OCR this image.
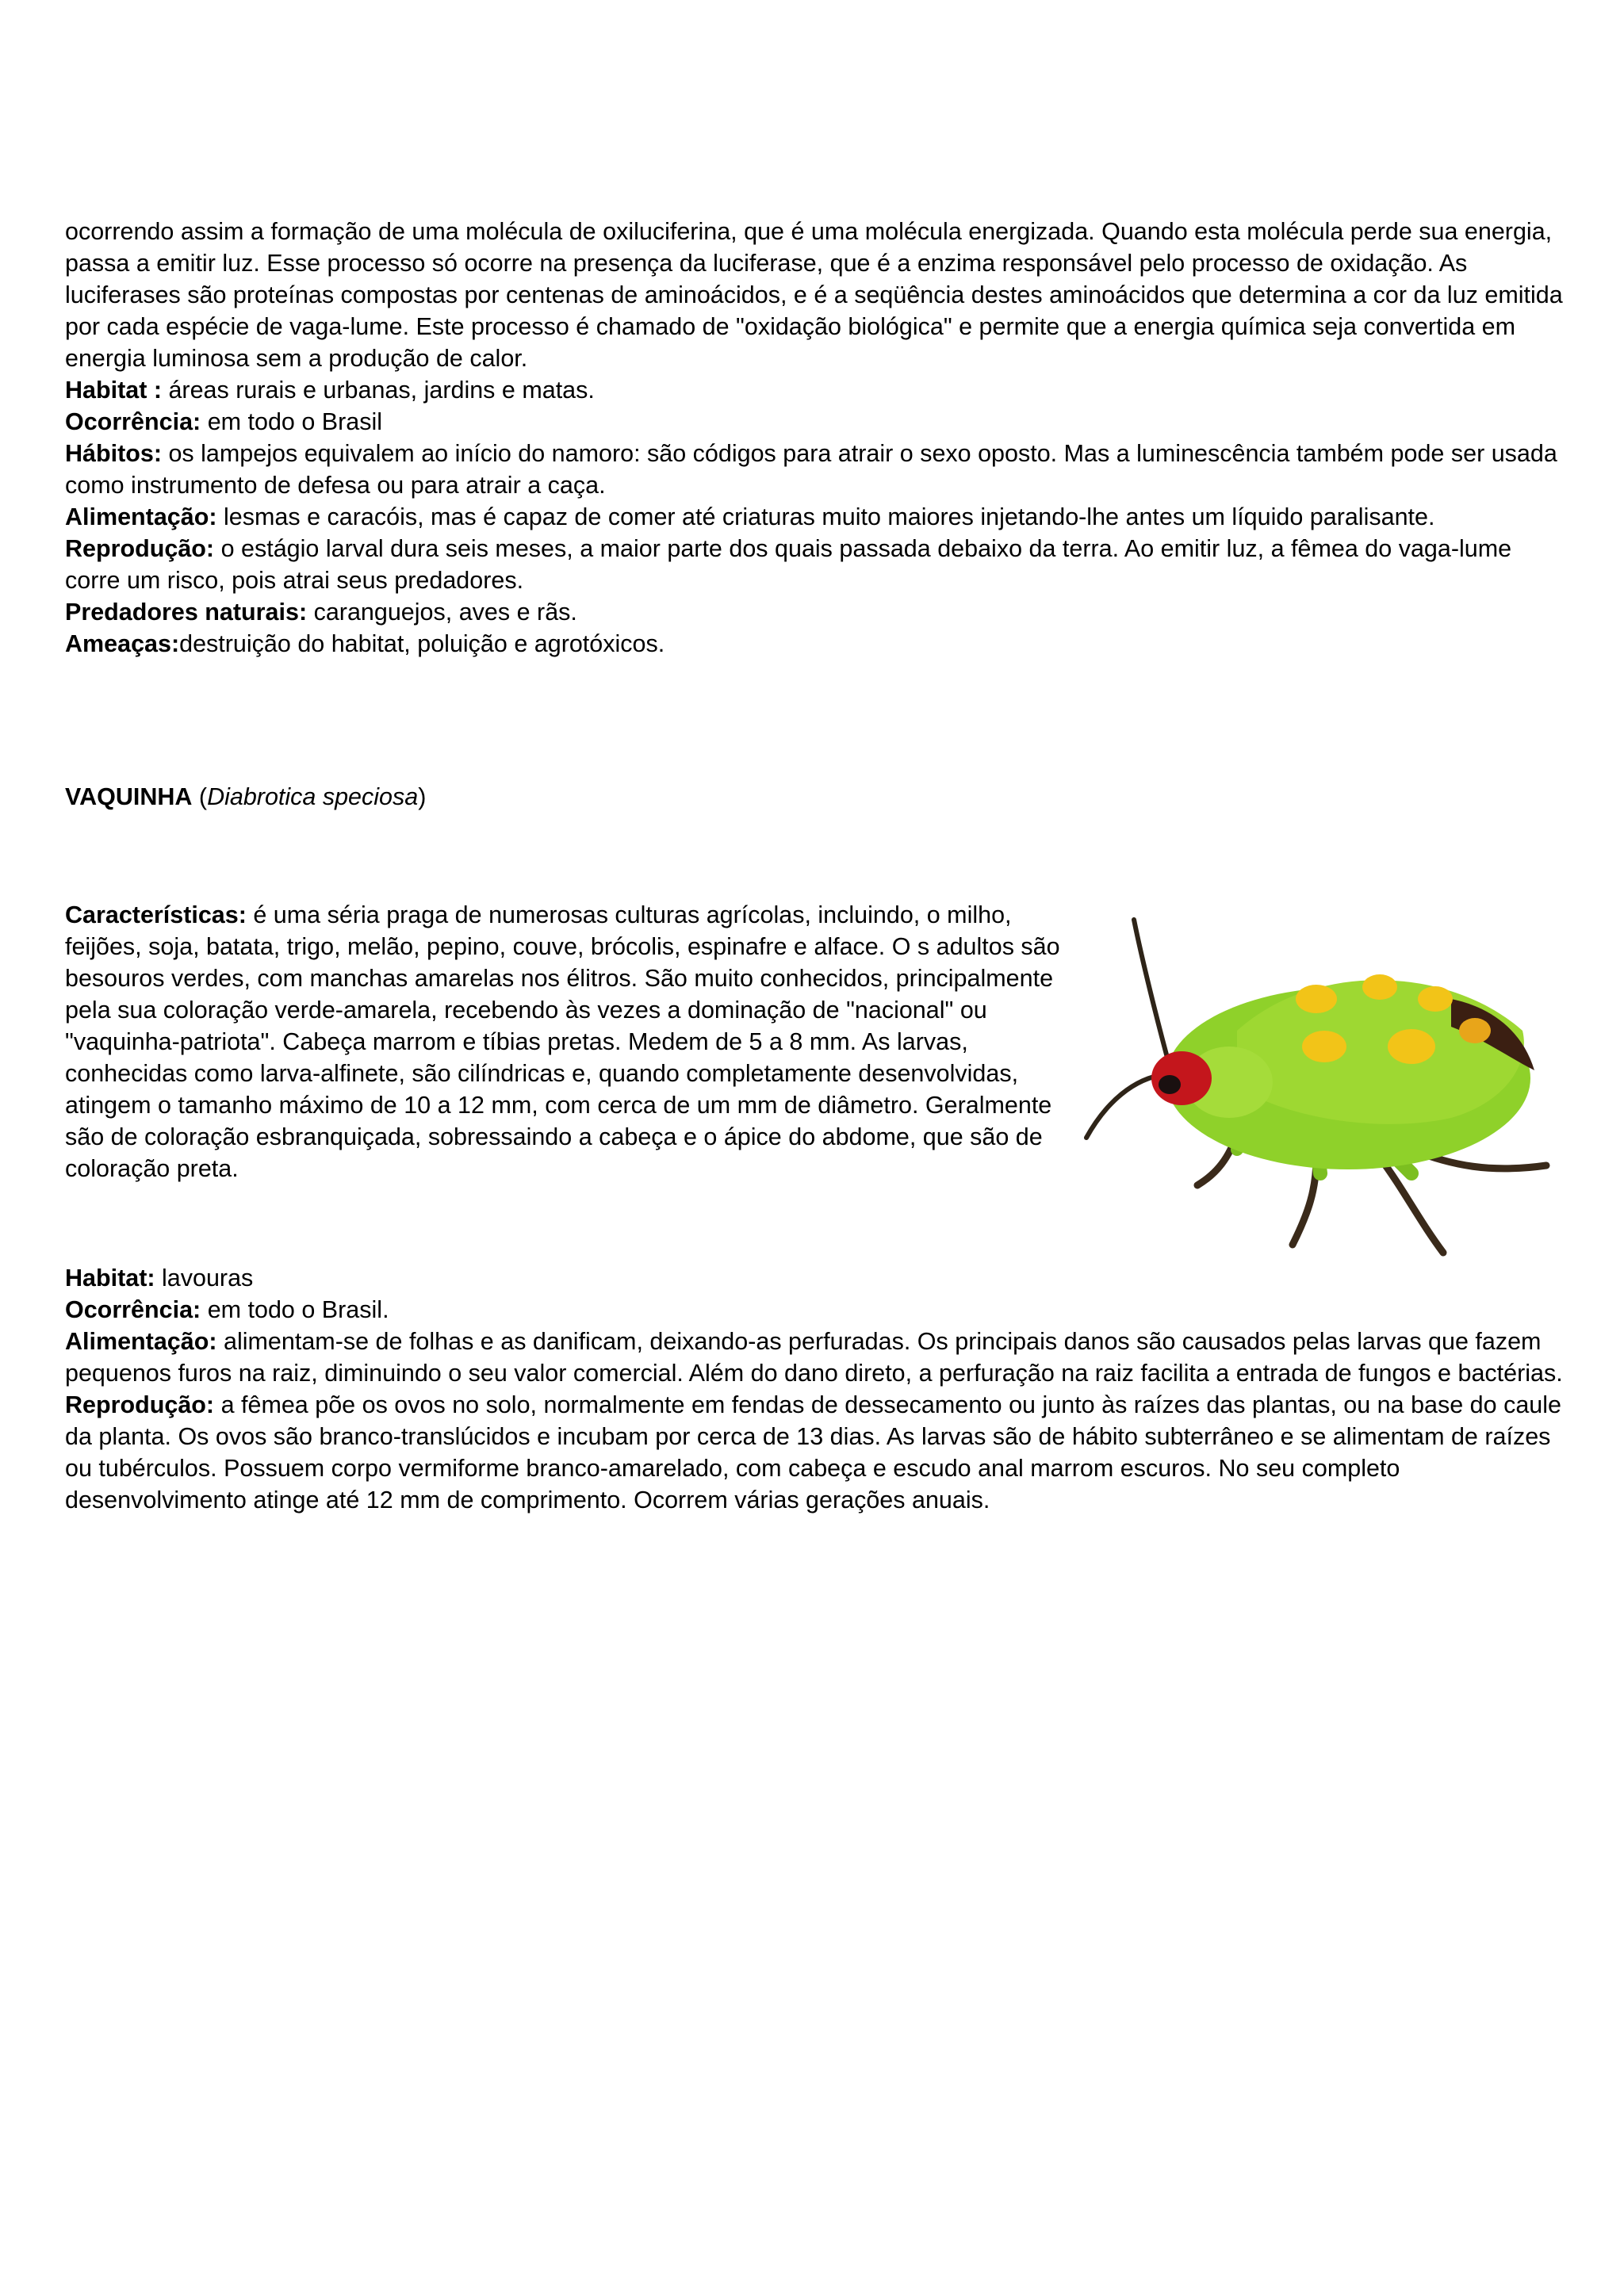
ocorrendo assim a formação de uma molécula de oxiluciferina, que é uma molécula energizada. Quando esta molécula perde sua energia, passa a emitir luz. Esse processo só ocorre na presença da luciferase, que é a enzima responsável pelo processo de oxidação. As luciferases são proteínas compostas por centenas de aminoácidos, e é a seqüência destes aminoácidos que determina a cor da luz emitida por cada espécie de vaga-lume. Este processo é chamado de "oxidação biológica" e permite que a energia química seja convertida em energia luminosa sem a produção de calor.

Habitat : áreas rurais e urbanas, jardins e matas.

Ocorrência: em todo o Brasil

Hábitos: os lampejos equivalem ao início do namoro: são códigos para atrair o sexo oposto. Mas a luminescência também pode ser usada como instrumento de defesa ou para atrair a caça.

Alimentação: lesmas e caracóis, mas é capaz de comer até criaturas muito maiores injetando-lhe antes um líquido paralisante.

Reprodução: o estágio larval dura seis meses, a maior parte dos quais passada debaixo da terra. Ao emitir luz, a fêmea do vaga-lume corre um risco, pois atrai seus predadores.

Predadores naturais: caranguejos, aves e rãs.

Ameaças:destruição do habitat, poluição e agrotóxicos.

VAQUINHA (Diabrotica speciosa)

Características: é uma séria praga de numerosas culturas agrícolas, incluindo, o milho, feijões, soja, batata, trigo, melão, pepino, couve, brócolis, espinafre e alface. O s adultos são besouros verdes, com manchas amarelas nos élitros. São muito conhecidos, principalmente pela sua coloração verde-amarela, recebendo às vezes a dominação de "nacional" ou "vaquinha-patriota". Cabeça marrom e tíbias pretas. Medem de 5 a 8 mm. As larvas, conhecidas como larva-alfinete, são cilíndricas e, quando completamente desenvolvidas, atingem o tamanho máximo de 10 a 12 mm, com cerca de um mm de diâmetro. Geralmente são de coloração esbranquiçada, sobressaindo a cabeça e o ápice do abdome, que são de coloração preta.

Habitat: lavouras

Ocorrência: em todo o Brasil.

Alimentação: alimentam-se de folhas e as danificam, deixando-as perfuradas. Os principais danos são causados pelas larvas que fazem pequenos furos na raiz, diminuindo o seu valor comercial. Além do dano direto, a perfuração na raiz facilita a entrada de fungos e bactérias.

Reprodução: a fêmea põe os ovos no solo, normalmente em fendas de dessecamento ou junto às raízes das plantas, ou na base do caule da planta. Os ovos são branco-translúcidos e incubam por cerca de 13 dias. As larvas são de hábito subterrâneo e se alimentam de raízes ou tubérculos. Possuem corpo vermiforme branco-amarelado, com cabeça e escudo anal marrom escuros. No seu completo desenvolvimento atinge até 12 mm de comprimento. Ocorrem várias gerações anuais.
